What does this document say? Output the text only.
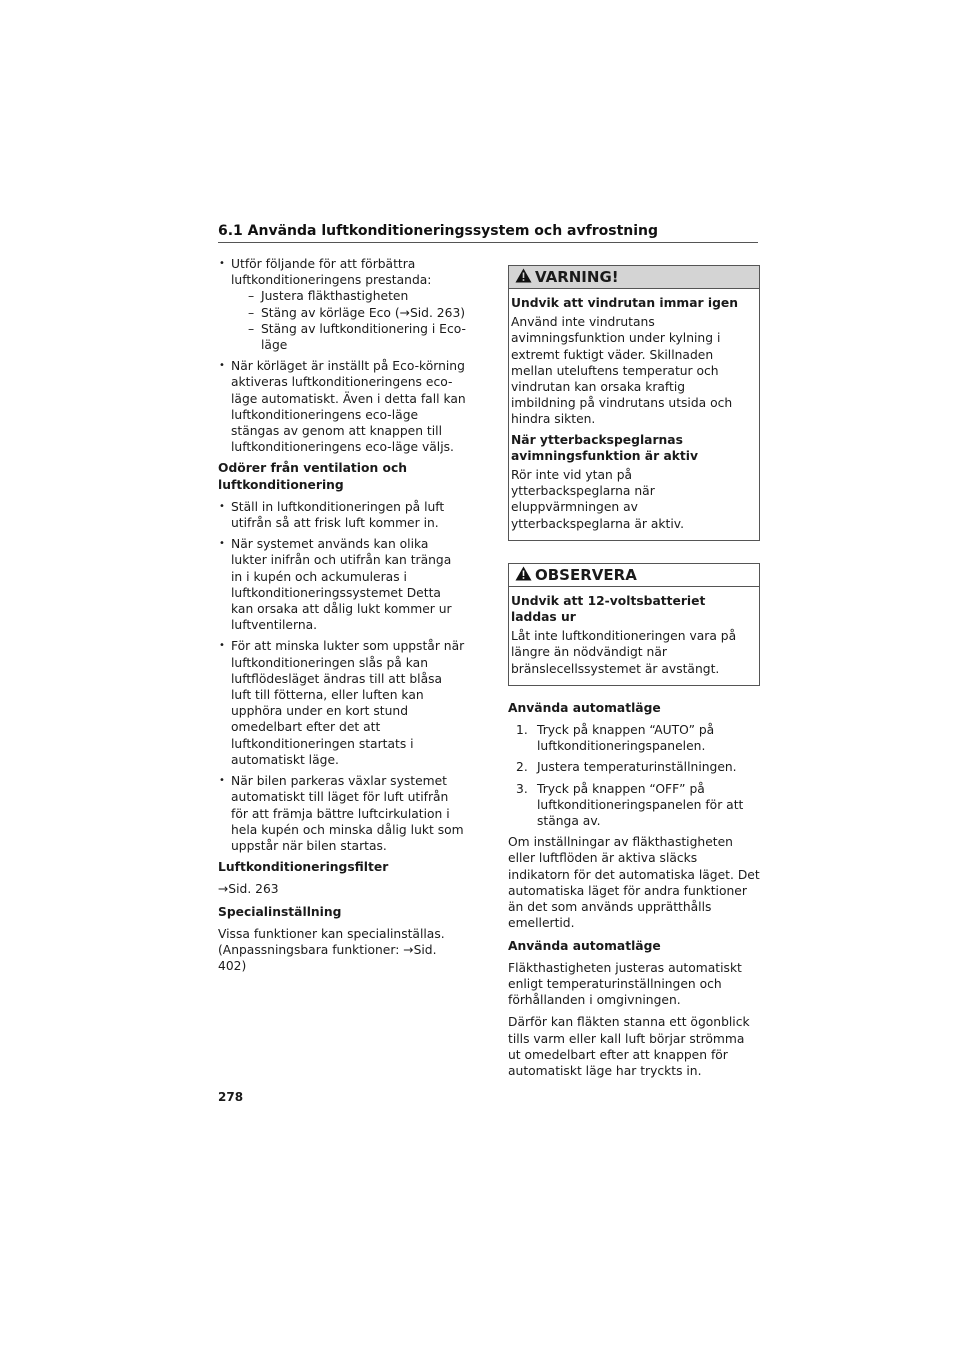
6.1 Använda luftkonditioneringssystem och avfrostning
• Utför följande för att förbättra luftkonditioneringens prestanda:
– Justera fläkthastigheten
– Stäng av körläge Eco (→Sid. 263)
– Stäng av luftkonditionering i Eco-läge
• När körläget är inställt på Eco-körning aktiveras luftkonditioneringens eco-läge automatiskt. Även i detta fall kan luftkonditioneringens eco-läge stängas av genom att knappen till luftkonditioneringens eco-läge väljs.
Odörer från ventilation och luftkonditionering
• Ställ in luftkonditioneringen på luft utifrån så att frisk luft kommer in.
• När systemet används kan olika lukter inifrån och utifrån kan tränga in i kupén och ackumuleras i luftkonditioneringssystemet Detta kan orsaka att dålig lukt kommer ur luftventilerna.
• För att minska lukter som uppstår när luftkonditioneringen slås på kan luftflödesläget ändras till att blåsa luft till fötterna, eller luften kan upphöra under en kort stund omedelbart efter det att luftkonditioneringen startats i automatiskt läge.
• När bilen parkeras växlar systemet automatiskt till läget för luft utifrån för att främja bättre luftcirkulation i hela kupén och minska dålig lukt som uppstår när bilen startas.
Luftkonditioneringsfilter
→Sid. 263
Specialinställning
Vissa funktioner kan specialinställas. (Anpassningsbara funktioner: →Sid. 402)
VARNING!
Undvik att vindrutan immar igen
Använd inte vindrutans avimningsfunktion under kylning i extremt fuktigt väder. Skillnaden mellan uteluftens temperatur och vindrutan kan orsaka kraftig imbildning på vindrutans utsida och hindra sikten.
När ytterbackspeglarnas avimningsfunktion är aktiv
Rör inte vid ytan på ytterbackspeglarna när eluppvärmningen av ytterbackspeglarna är aktiv.
OBSERVERA
Undvik att 12-voltsbatteriet laddas ur
Låt inte luftkonditioneringen vara på längre än nödvändigt när bränslecellssystemet är avstängt.
Använda automatläge
1. Tryck på knappen “AUTO” på luftkonditioneringspanelen.
2. Justera temperaturinställningen.
3. Tryck på knappen “OFF” på luftkonditioneringspanelen för att stänga av.
Om inställningar av fläkthastigheten eller luftflöden är aktiva släcks indikatorn för det automatiska läget. Det automatiska läget för andra funktioner än det som används upprätthålls emellertid.
Använda automatläge
Fläkthastigheten justeras automatiskt enligt temperaturinställningen och förhållanden i omgivningen.
Därför kan fläkten stanna ett ögonblick tills varm eller kall luft börjar strömma ut omedelbart efter att knappen för automatiskt läge har tryckts in.
278
